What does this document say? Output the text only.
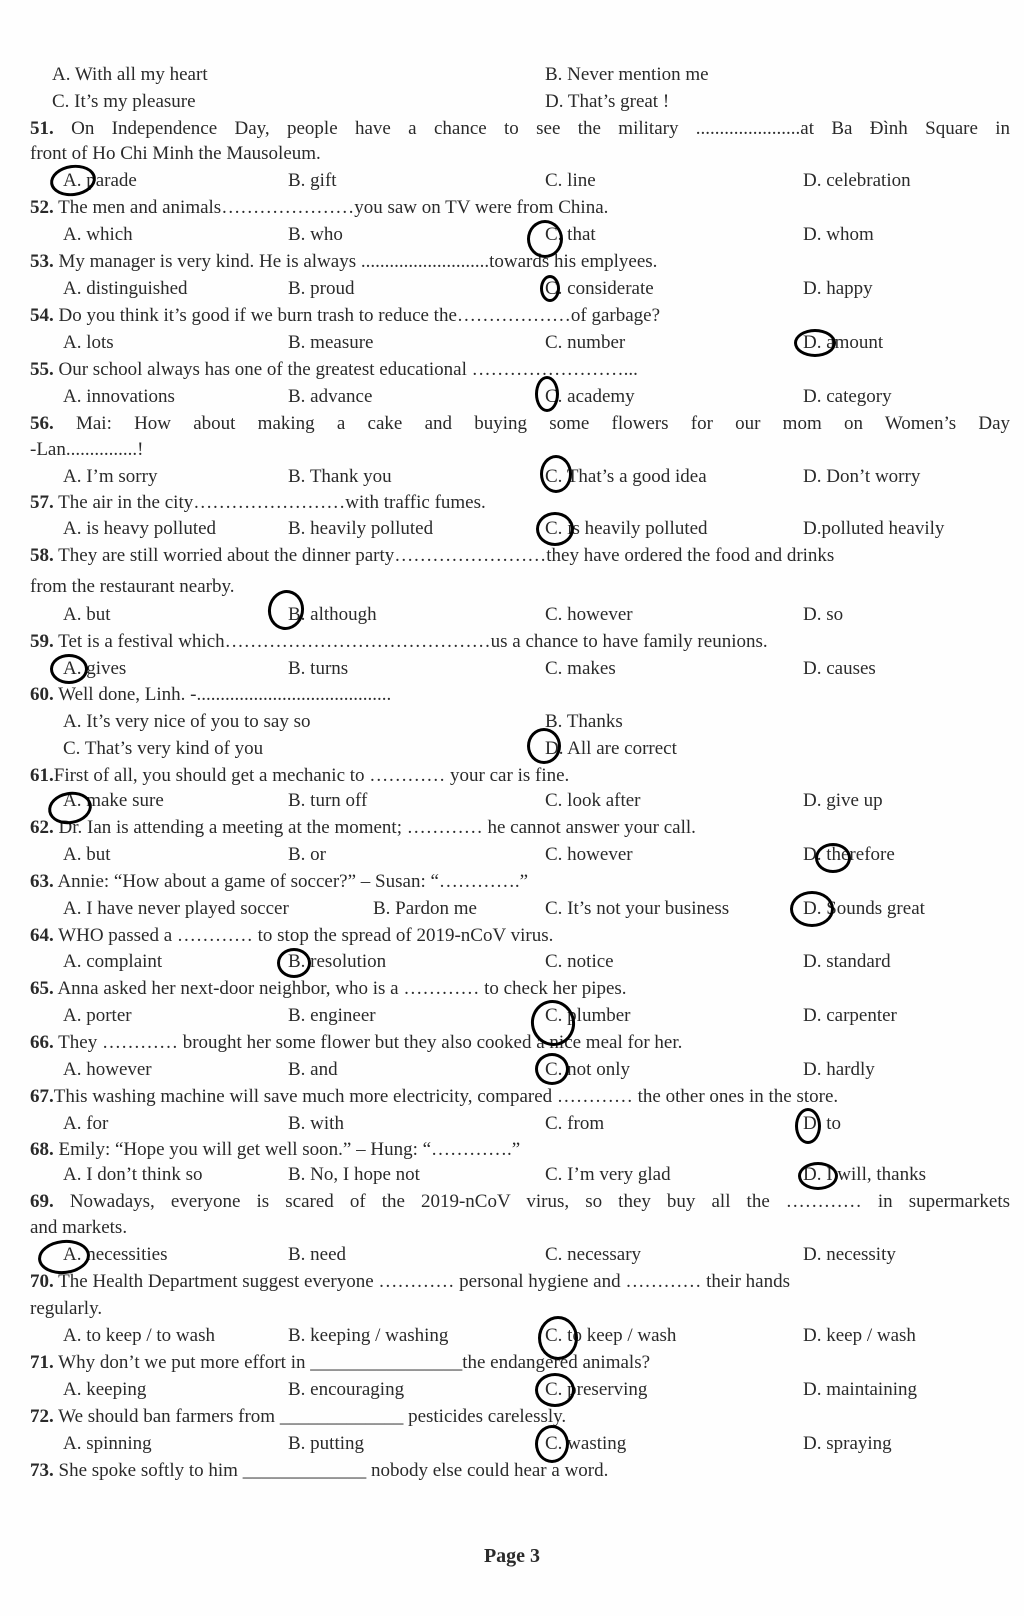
A. With all my heart	B. Never mention me
C. It’s my pleasure	D. That’s great !
51. On Independence Day, people have a chance to see the military ......................at Ba Đình Square in
front of Ho Chi Minh the Mausoleum.
A. parade	B. gift	C. line	D. celebration
52. The men and animals…………………you saw on TV were from China.
A. which	B. who	C. that	D. whom
53. My manager is very kind. He is always ...........................towards his emplyees.
A. distinguished	B. proud	C. considerate	D. happy
54. Do you think it’s good if we burn trash to reduce the………………of garbage?
A. lots	B. measure	C. number	D. amount
55. Our school always has one of the greatest educational ……………………...
A. innovations	B. advance	C. academy	D. category
56. Mai: How about making a cake and buying some flowers for our mom on Women’s Day
-Lan...............!
A. I’m sorry	B. Thank you	C. That’s a good idea	D. Don’t worry
57. The air in the city……………………with traffic fumes.
A. is heavy polluted	B. heavily polluted	C. is heavily polluted	D.polluted heavily
58. They are still worried about the dinner party……………………they have ordered the food and drinks
from the restaurant nearby.
A. but	B. although	C. however	D. so
59. Tet is a festival which……………………………………us a chance to have family reunions.
A. gives	B. turns	C. makes	D. causes
60. Well done, Linh. -.........................................
A. It’s very nice of you to say so	B. Thanks
C. That’s very kind of you	D. All are correct
61.First of all, you should get a mechanic to ………… your car is fine.
A. make sure	B. turn off	C. look after	D. give up
62. Dr. Ian is attending a meeting at the moment; ………… he cannot answer your call.
A. but	B. or	C. however	D. therefore
63. Annie: “How about a game of soccer?” – Susan: “………….”
A. I have never played soccer	B. Pardon me	C. It’s not your business	D. Sounds great
64. WHO passed a ………… to stop the spread of 2019-nCoV virus.
A. complaint	B. resolution	C. notice	D. standard
65. Anna asked her next-door neighbor, who is a ………… to check her pipes.
A. porter	B. engineer	C. plumber	D. carpenter
66. They ………… brought her some flower but they also cooked a nice meal for her.
A. however	B. and	C. not only	D. hardly
67.This washing machine will save much more electricity, compared ………… the other ones in the store.
A. for	B. with	C. from	D. to
68. Emily: “Hope you will get well soon.” – Hung: “………….”
A. I don’t think so	B. No, I hope not	C. I’m very glad	D. I will, thanks
69. Nowadays, everyone is scared of the 2019-nCoV virus, so they buy all the ………… in supermarkets
and markets.
A. necessities	B. need	C. necessary	D. necessity
70. The Health Department suggest everyone ………… personal hygiene and ………… their hands
regularly.
A. to keep / to wash	B. keeping / washing	C. to keep / wash	D. keep / wash
71. Why don’t we put more effort in ________________the endangered animals?
A. keeping	B. encouraging	C. preserving	D. maintaining
72. We should ban farmers from _____________ pesticides carelessly.
A. spinning	B. putting	C. wasting	D. spraying
73. She spoke softly to him _____________ nobody else could hear a word.
Page 3
